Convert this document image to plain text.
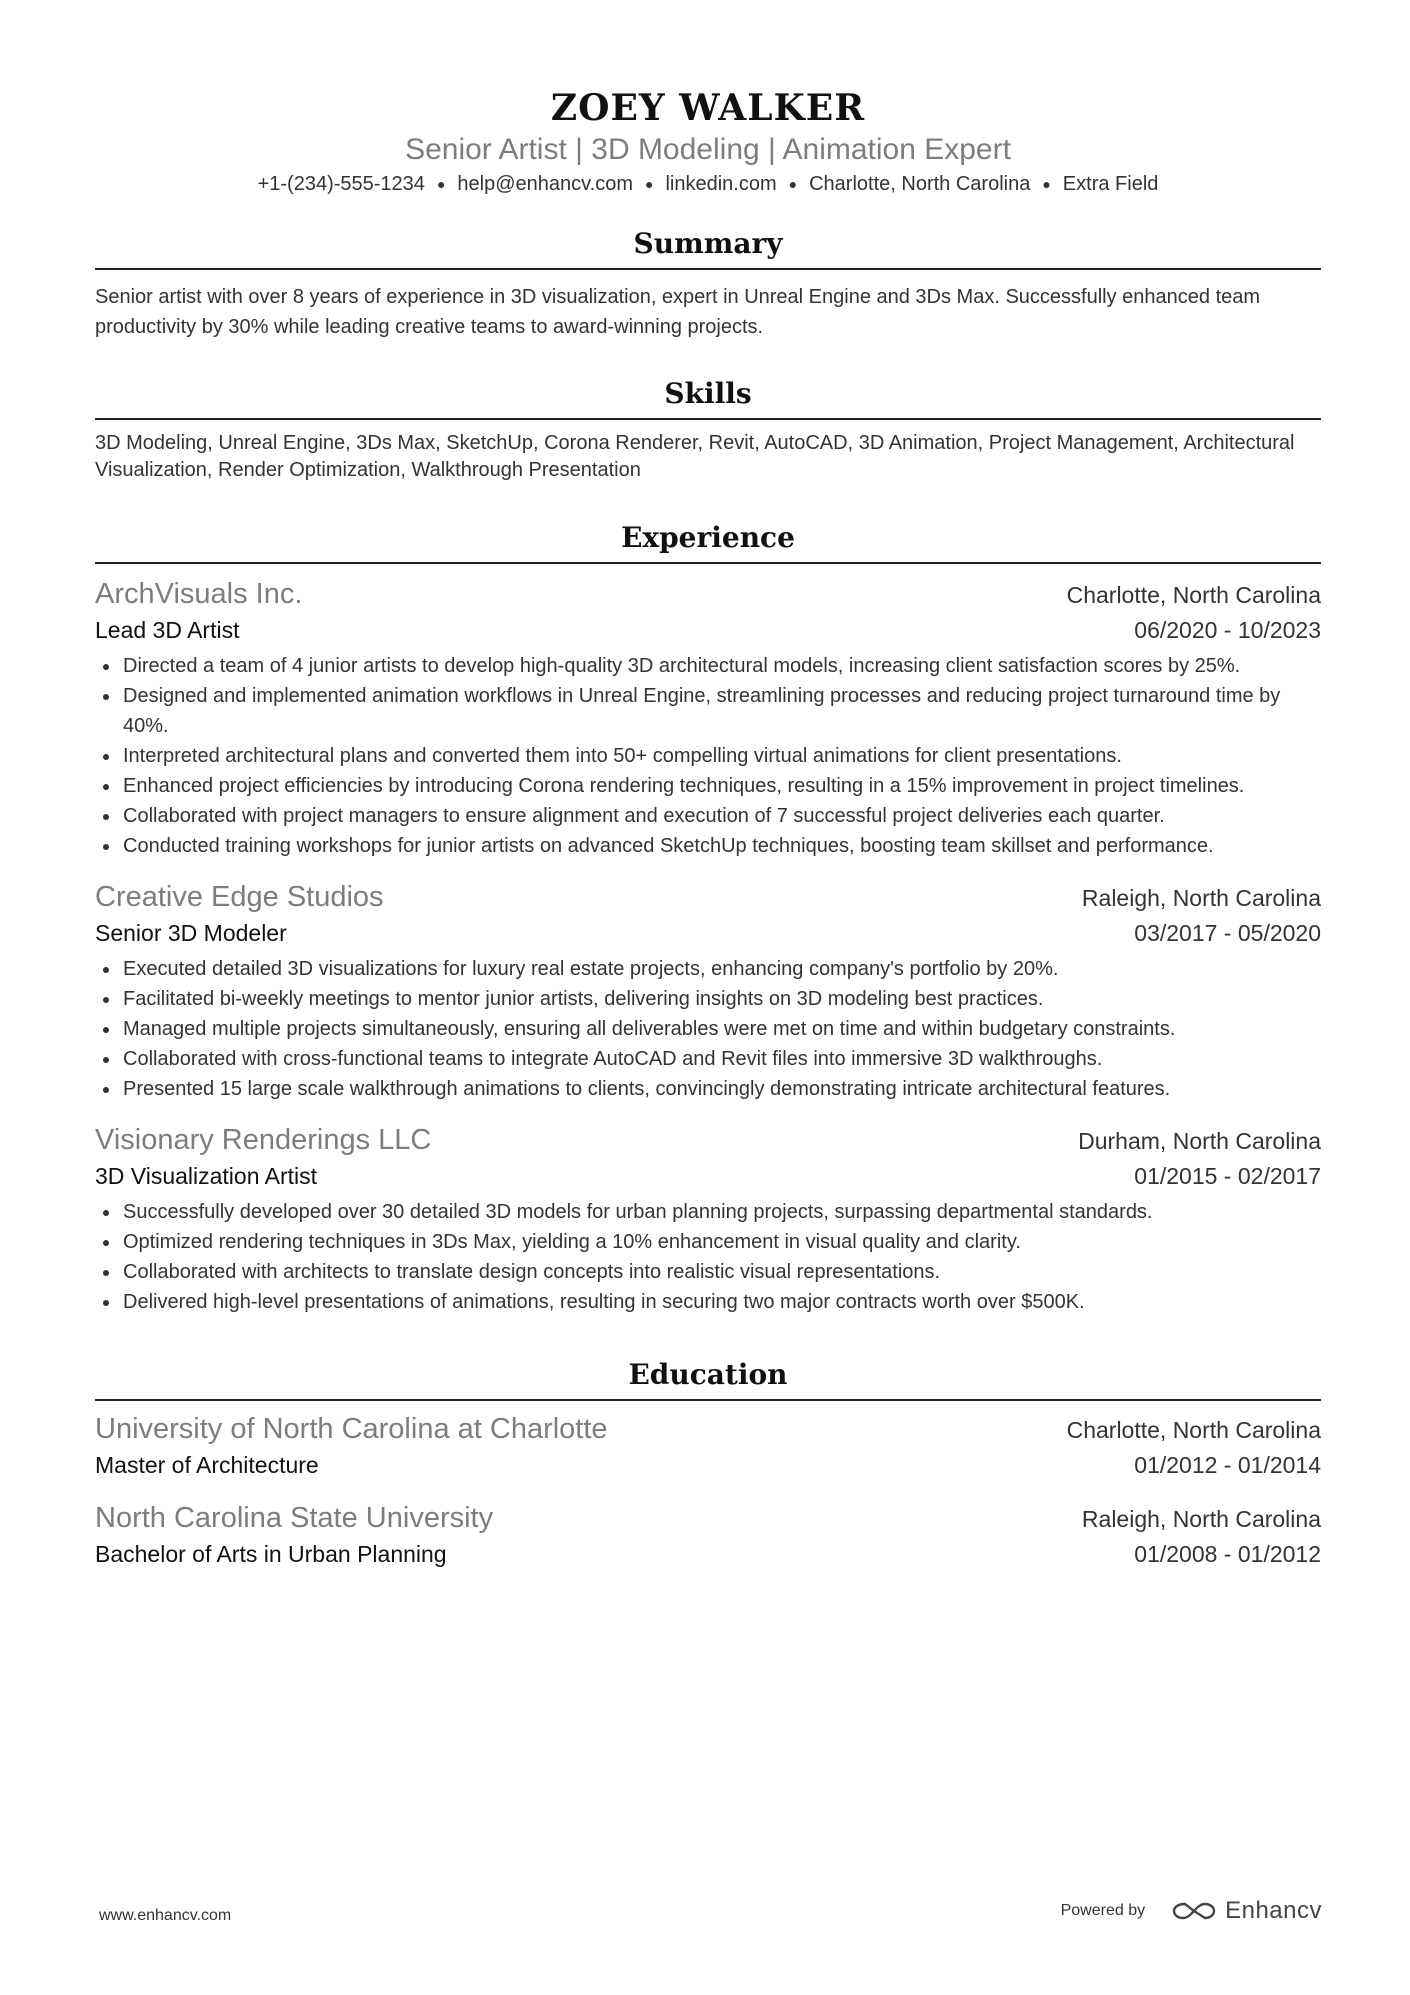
ZOEY WALKER
Senior Artist | 3D Modeling | Animation Expert
+1-(234)-555-1234 ● help@enhancv.com ● linkedin.com ● Charlotte, North Carolina ● Extra Field
Summary
Senior artist with over 8 years of experience in 3D visualization, expert in Unreal Engine and 3Ds Max. Successfully enhanced team productivity by 30% while leading creative teams to award-winning projects.
Skills
3D Modeling, Unreal Engine, 3Ds Max, SketchUp, Corona Renderer, Revit, AutoCAD, 3D Animation, Project Management, Architectural Visualization, Render Optimization, Walkthrough Presentation
Experience
ArchVisuals Inc.	Charlotte, North Carolina
Lead 3D Artist	06/2020 - 10/2023
Directed a team of 4 junior artists to develop high-quality 3D architectural models, increasing client satisfaction scores by 25%.
Designed and implemented animation workflows in Unreal Engine, streamlining processes and reducing project turnaround time by 40%.
Interpreted architectural plans and converted them into 50+ compelling virtual animations for client presentations.
Enhanced project efficiencies by introducing Corona rendering techniques, resulting in a 15% improvement in project timelines.
Collaborated with project managers to ensure alignment and execution of 7 successful project deliveries each quarter.
Conducted training workshops for junior artists on advanced SketchUp techniques, boosting team skillset and performance.
Creative Edge Studios	Raleigh, North Carolina
Senior 3D Modeler	03/2017 - 05/2020
Executed detailed 3D visualizations for luxury real estate projects, enhancing company's portfolio by 20%.
Facilitated bi-weekly meetings to mentor junior artists, delivering insights on 3D modeling best practices.
Managed multiple projects simultaneously, ensuring all deliverables were met on time and within budgetary constraints.
Collaborated with cross-functional teams to integrate AutoCAD and Revit files into immersive 3D walkthroughs.
Presented 15 large scale walkthrough animations to clients, convincingly demonstrating intricate architectural features.
Visionary Renderings LLC	Durham, North Carolina
3D Visualization Artist	01/2015 - 02/2017
Successfully developed over 30 detailed 3D models for urban planning projects, surpassing departmental standards.
Optimized rendering techniques in 3Ds Max, yielding a 10% enhancement in visual quality and clarity.
Collaborated with architects to translate design concepts into realistic visual representations.
Delivered high-level presentations of animations, resulting in securing two major contracts worth over $500K.
Education
University of North Carolina at Charlotte	Charlotte, North Carolina
Master of Architecture	01/2012 - 01/2014
North Carolina State University	Raleigh, North Carolina
Bachelor of Arts in Urban Planning	01/2008 - 01/2012
www.enhancv.com	Powered by	Enhancv
